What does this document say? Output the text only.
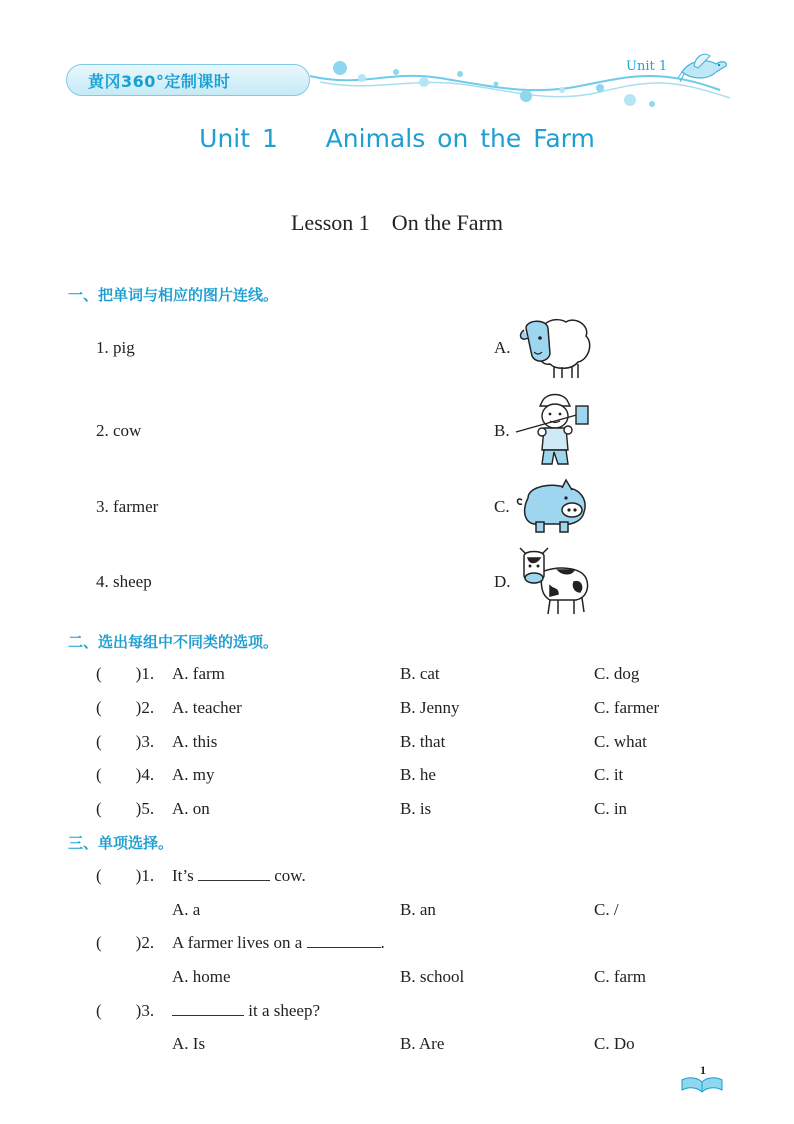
黄冈360°定制课时
Unit 1
Unit 1    Animals on the Farm
Lesson 1    On the Farm
一、把单词与相应的图片连线。
1. pig
2. cow
3. farmer
4. sheep
A.
B.
C.
D.
二、选出每组中不同类的选项。
(        )1. A. farm	B. cat	C. dog
(        )2. A. teacher	B. Jenny	C. farmer
(        )3. A. this	B. that	C. what
(        )4. A. my	B. he	C. it
(        )5. A. on	B. is	C. in
三、单项选择。
(        )1. It’s	cow.
A. a	B. an	C. /
(        )2. A farmer lives on a	.
A. home	B. school	C. farm
(        )3.	it a sheep?
A. Is	B. Are	C. Do
1
